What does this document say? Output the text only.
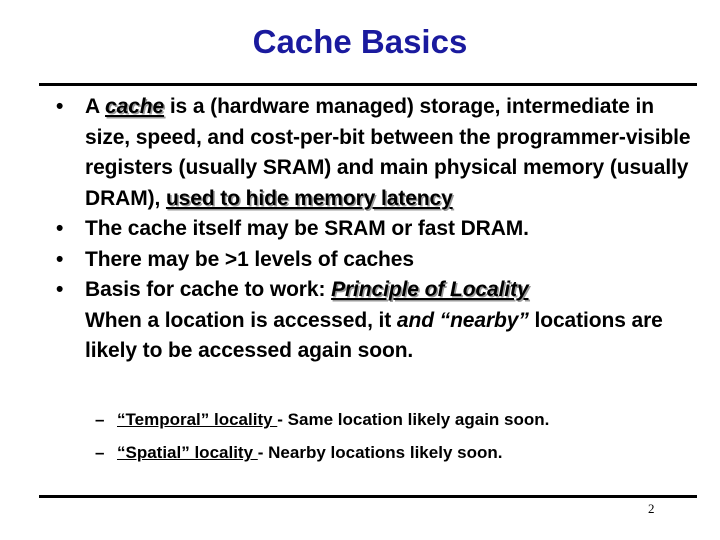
Cache Basics
• A cache is a (hardware managed) storage, intermediate in size, speed, and cost-per-bit between the programmer-visible registers (usually SRAM) and main physical memory (usually DRAM), used to hide memory latency
• The cache itself may be SRAM or fast DRAM.
• There may be >1 levels of caches
• Basis for cache to work: Principle of Locality
When a location is accessed, it and “nearby” locations are likely to be accessed again soon.
– “Temporal” locality - Same location likely again soon.
– “Spatial” locality - Nearby locations likely soon.
2
